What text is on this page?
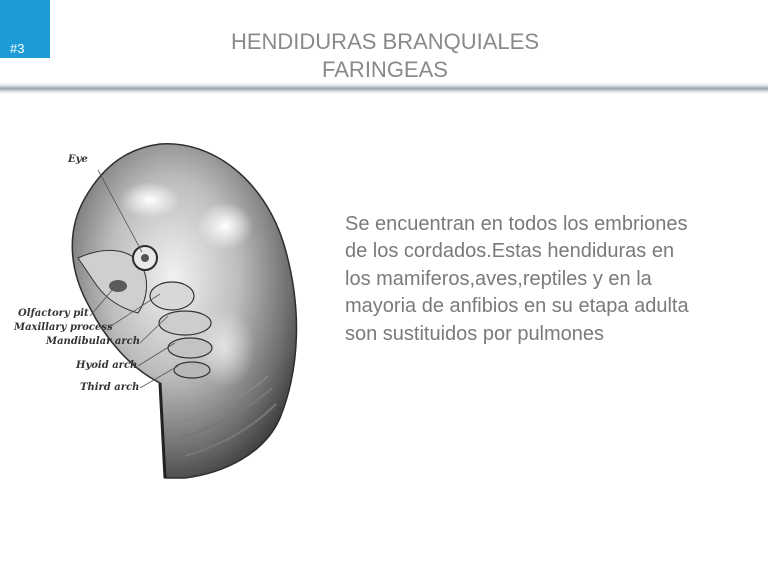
#3	HENDIDURAS BRANQUIALES
FARINGEAS
Eye
Olfactory pit
Maxillary process
Mandibular arch
Hyoid arch
Third arch
Se encuentran en todos los embriones de los cordados.Estas hendiduras en los mamiferos,aves,reptiles y en la mayoria de anfibios en su etapa adulta son sustituidos por pulmones
